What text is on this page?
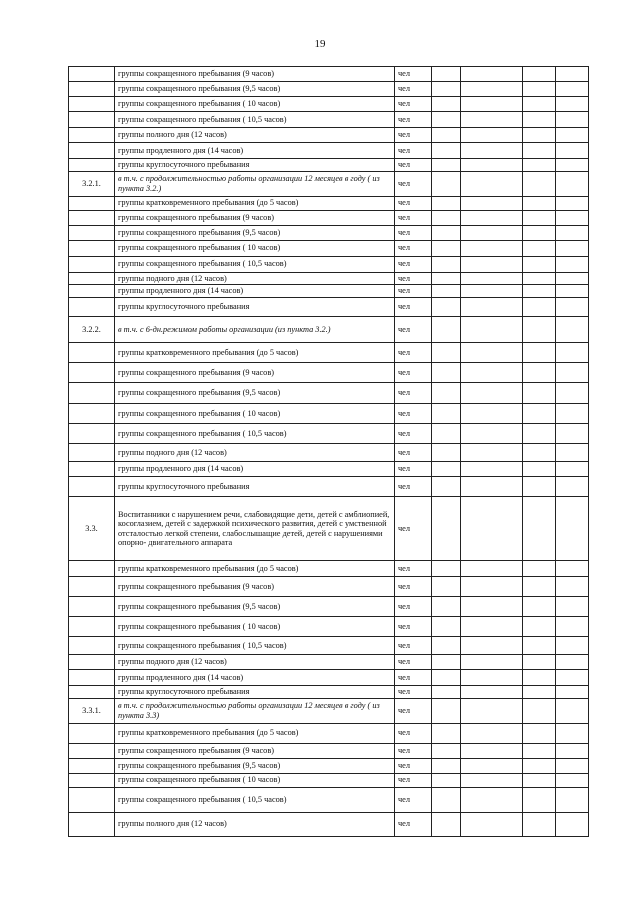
19
	группы сокращенного пребывания (9 часов)	чел				
	группы сокращенного пребывания (9,5 часов)	чел				
	группы сокращенного пребывания ( 10 часов)	чел				
	группы сокращенного пребывания ( 10,5 часов)	чел				
	группы полного дня (12 часов)	чел				
	группы продленного дня (14 часов)	чел				
	группы круглосуточного пребывания	чел				
3.2.1.	в т.ч. с продолжительностью работы организации 12 месяцев в году ( из пункта 3.2.)	чел				
	группы кратковременного пребывания (до 5 часов)	чел				
	группы сокращенного пребывания (9 часов)	чел				
	группы сокращенного пребывания (9,5 часов)	чел				
	группы сокращенного пребывания ( 10 часов)	чел				
	группы сокращенного пребывания ( 10,5 часов)	чел				
	группы подного дня (12 часов)	чел				
	группы продленного дня (14 часов)	чел				
	группы круглосуточного пребывания	чел				
3.2.2.	в т.ч. с 6-дн.режимом работы организации (из пункта 3.2.)	чел				
	группы кратковременного пребывания (до 5 часов)	чел				
	группы сокращенного пребывания (9 часов)	чел				
	группы сокращенного пребывания (9,5 часов)	чел				
	группы сокращенного пребывания ( 10 часов)	чел				
	группы сокращенного пребывания ( 10,5 часов)	чел				
	группы подного дня (12 часов)	чел				
	группы продленного дня (14 часов)	чел				
	группы круглосуточного пребывания	чел				
3.3.	Воспитанники с нарушением речи, слабовидящие дети, детей с амблиопией, косоглазием, детей с задержкой психического развития, детей с умственной отсталостью легкой степени, слабослышащие детей, детей с нарушениями опорно- двигательного аппарата	чел				
	группы кратковременного пребывания (до 5 часов)	чел				
	группы сокращенного пребывания (9 часов)	чел				
	группы сокращенного пребывания (9,5 часов)	чел				
	группы сокращенного пребывания ( 10 часов)	чел				
	группы сокращенного пребывания ( 10,5 часов)	чел				
	группы подного дня (12 часов)	чел				
	группы продленного дня (14 часов)	чел				
	группы круглосуточного пребывания	чел				
3.3.1.	в т.ч. с продолжительностью работы организации 12 месяцев в году ( из пункта 3.3)	чел				
	группы кратковременного пребывания (до 5 часов)	чел				
	группы сокращенного пребывания (9 часов)	чел				
	группы сокращенного пребывания (9,5 часов)	чел				
	группы сокращенного пребывания ( 10 часов)	чел				
	группы сокращенного пребывания ( 10,5 часов)	чел				
	группы полного дня (12 часов)	чел				
